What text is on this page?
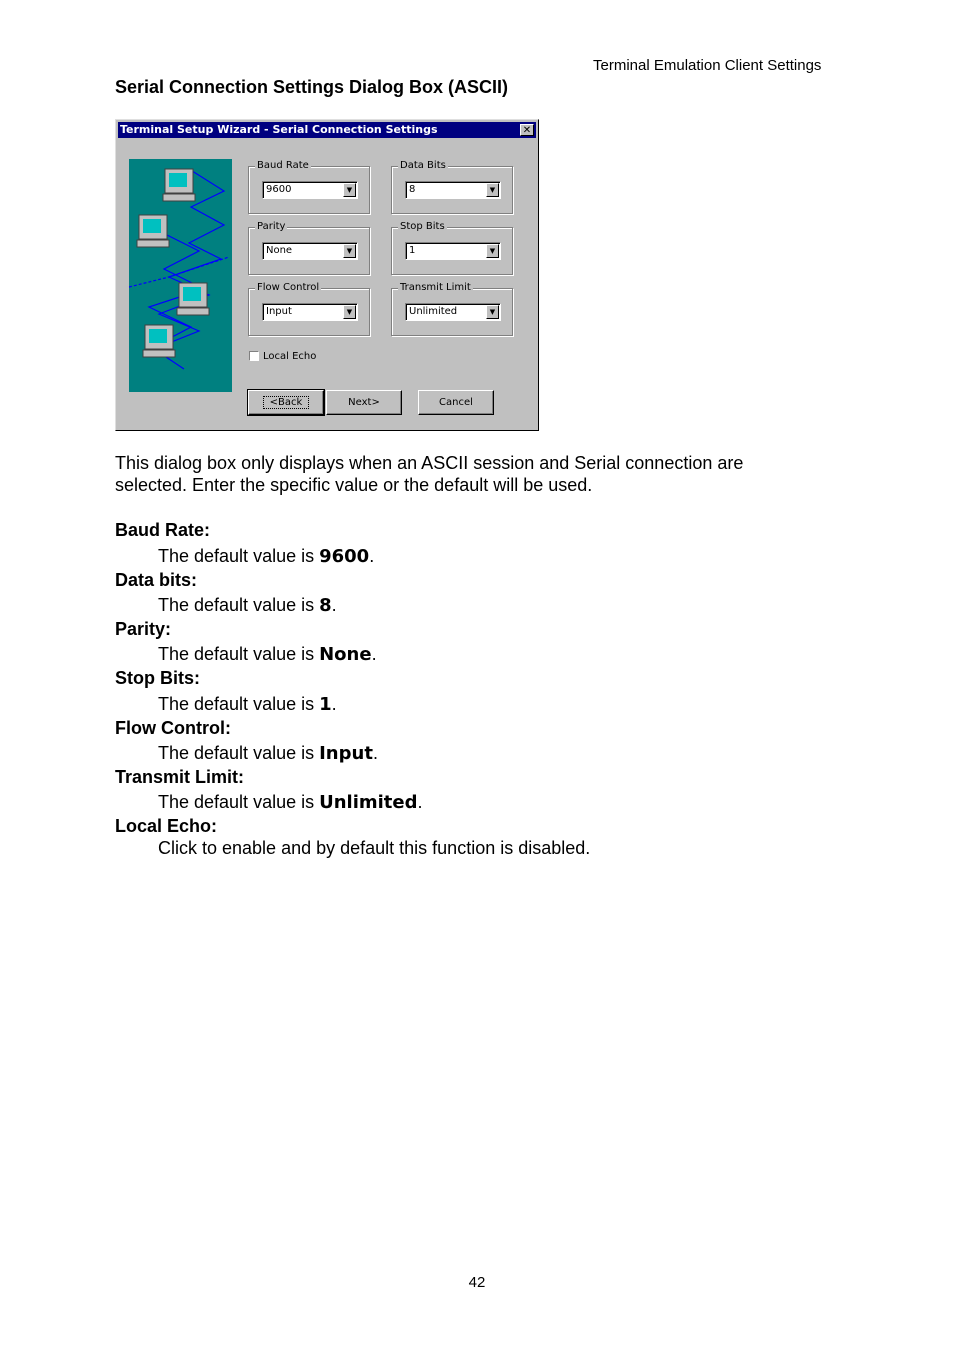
Terminal Emulation Client Settings
Serial Connection Settings Dialog Box (ASCII)
Terminal Setup Wizard - Serial Connection Settings	✕
Baud Rate
9600	▼
Data Bits
8	▼
Parity
None	▼
Stop Bits
1	▼
Flow Control
Input	▼
Transmit Limit
Unlimited	▼
Local Echo
<Back	Next>	Cancel
This dialog box only displays when an ASCII session and Serial connection are selected. Enter the specific value or the default will be used.
Baud Rate:
The default value is 9600.
Data bits:
The default value is 8.
Parity:
The default value is None.
Stop Bits:
The default value is 1.
Flow Control:
The default value is Input.
Transmit Limit:
The default value is Unlimited.
Local Echo:
Click to enable and by default this function is disabled.
42
